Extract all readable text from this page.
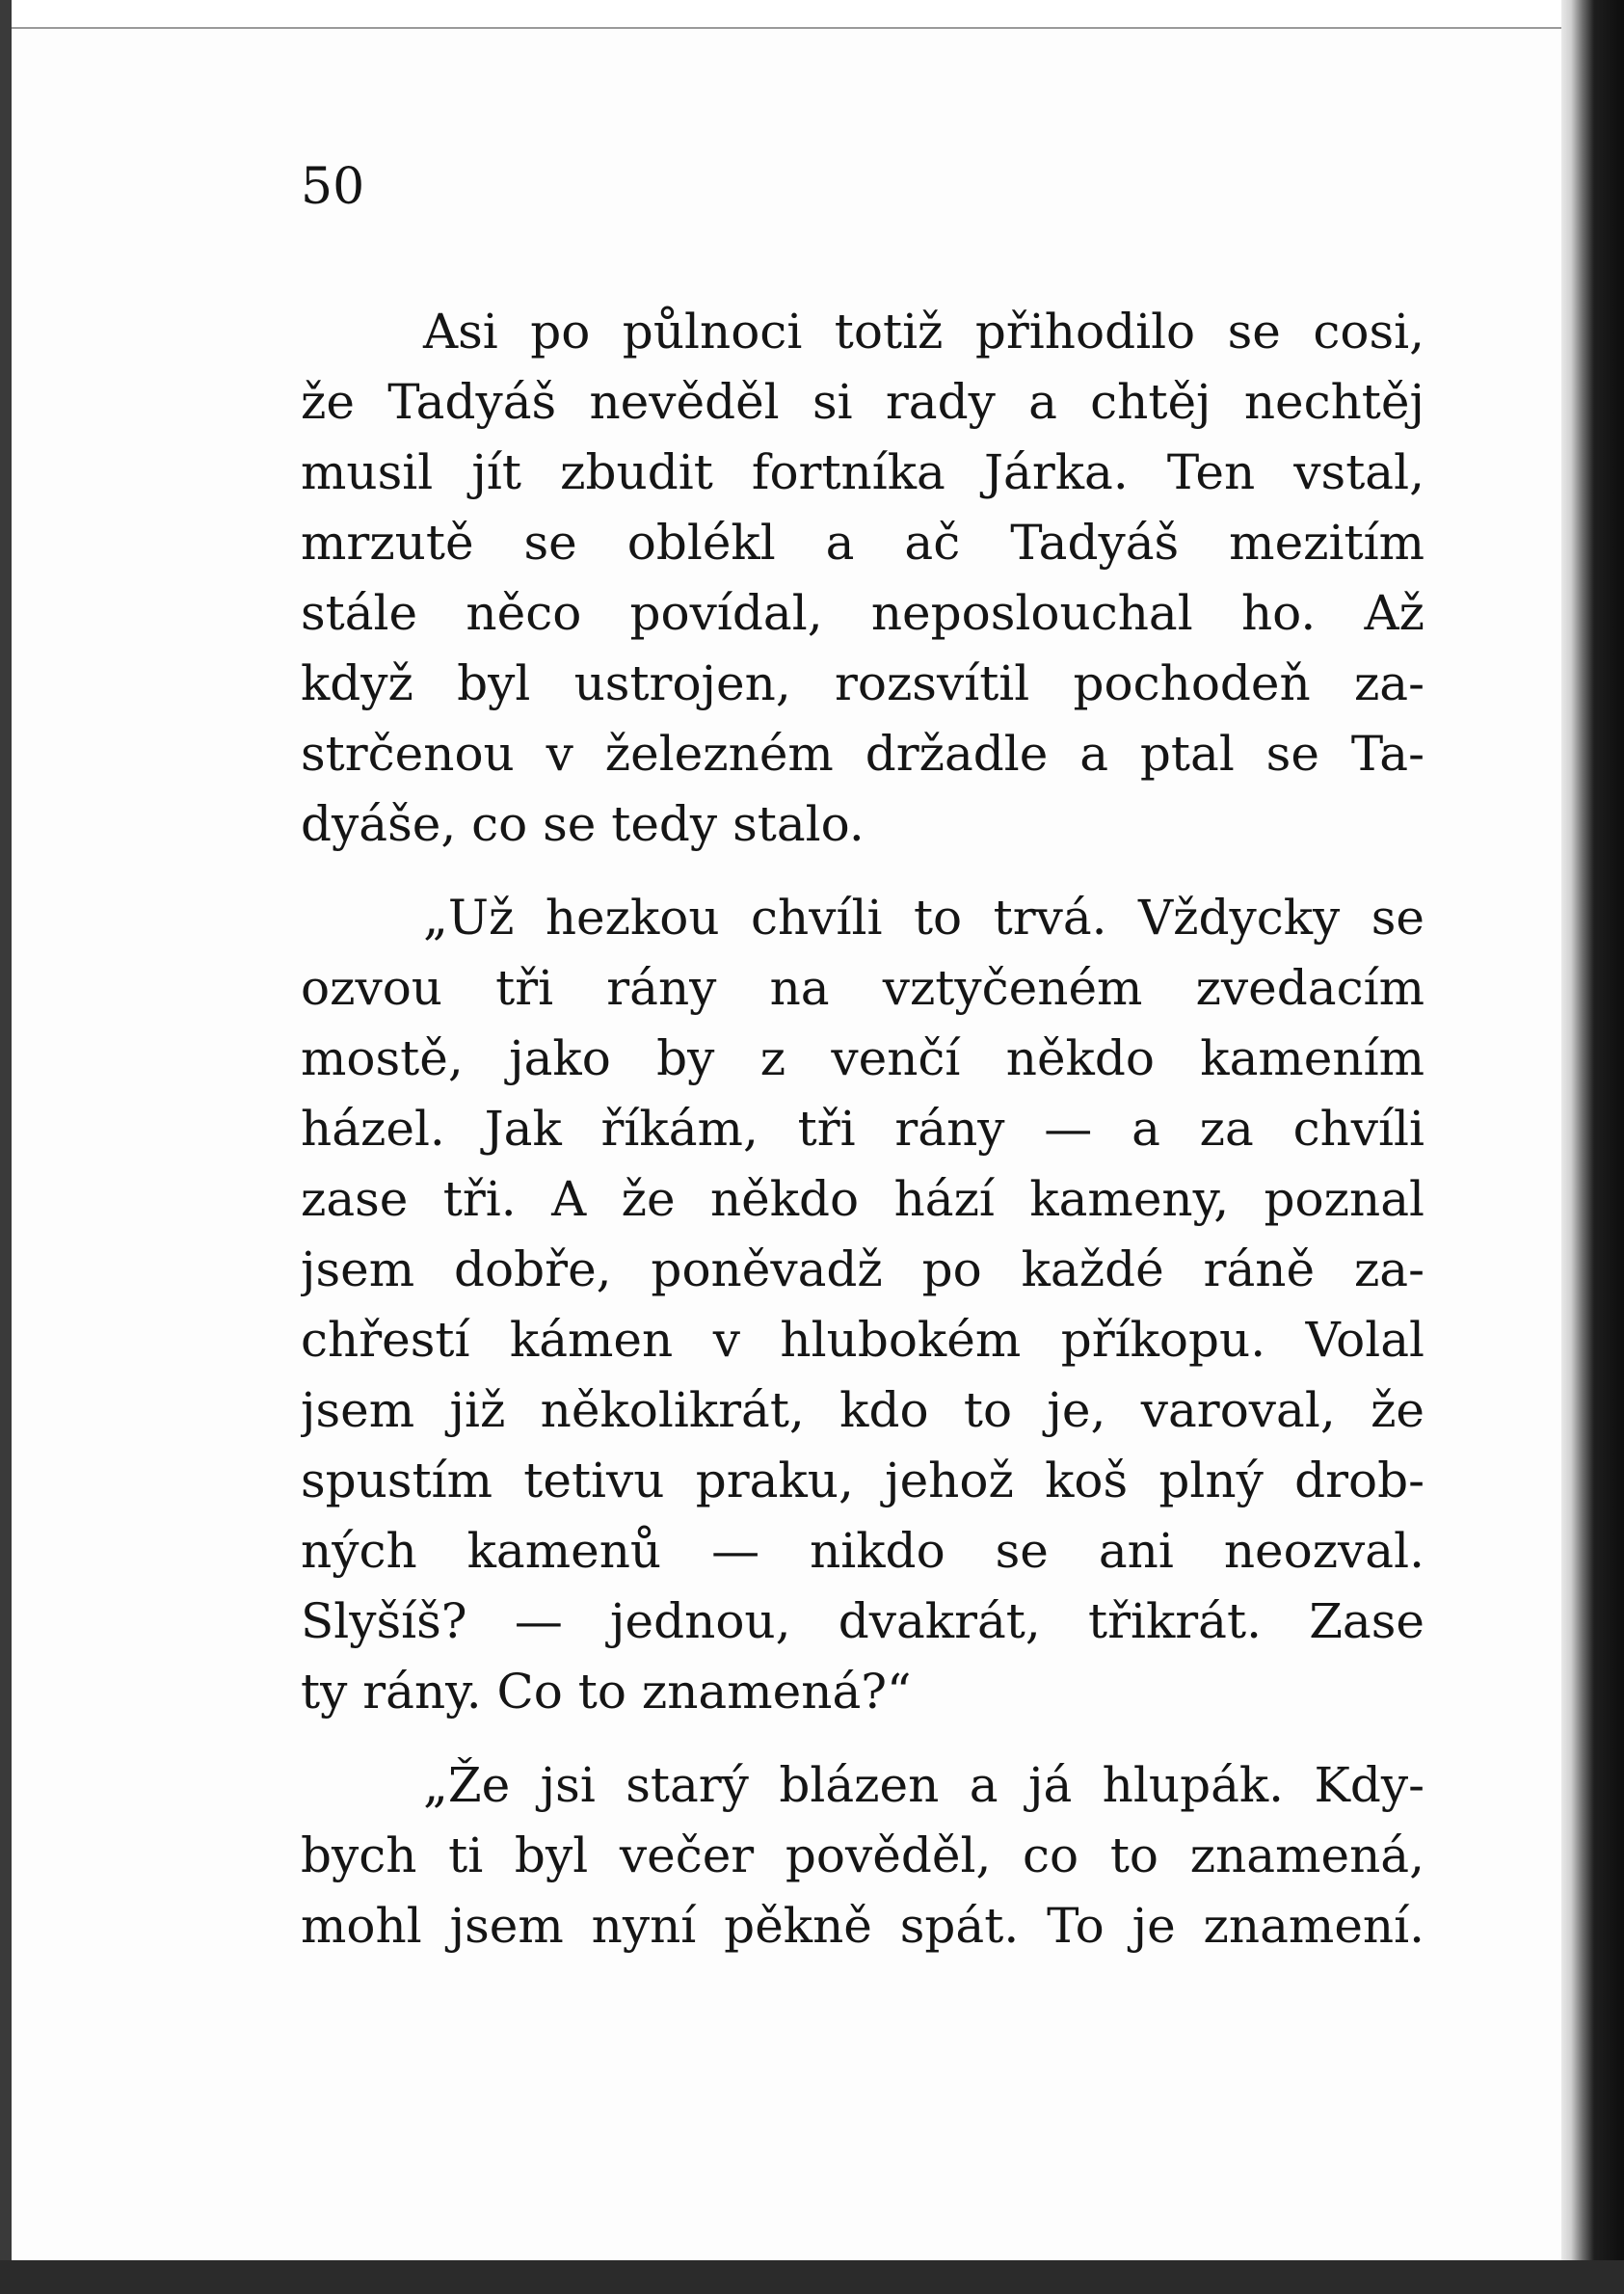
50

Asi po půlnoci totiž přihodilo se cosi,
že Tadyáš nevěděl si rady a chtěj nechtěj
musil jít zbudit fortníka Járka. Ten vstal,
mrzutě se oblékl a ač Tadyáš mezitím
stále něco povídal, neposlouchal ho. Až
když byl ustrojen, rozsvítil pochodeň za-
strčenou v železném držadle a ptal se Ta-
dyáše, co se tedy stalo.

„Už hezkou chvíli to trvá. Vždycky se
ozvou tři rány na vztyčeném zvedacím
mostě, jako by z venčí někdo kamením
házel. Jak říkám, tři rány — a za chvíli
zase tři. A že někdo hází kameny, poznal
jsem dobře, poněvadž po každé ráně za-
chřestí kámen v hlubokém příkopu. Volal
jsem již několikrát, kdo to je, varoval, že
spustím tetivu praku, jehož koš plný drob-
ných kamenů — nikdo se ani neozval.
Slyšíš? — jednou, dvakrát, třikrát. Zase
ty rány. Co to znamená?“

„Že jsi starý blázen a já hlupák. Kdy-
bych ti byl večer pověděl, co to znamená,
mohl jsem nyní pěkně spát. To je znamení.
